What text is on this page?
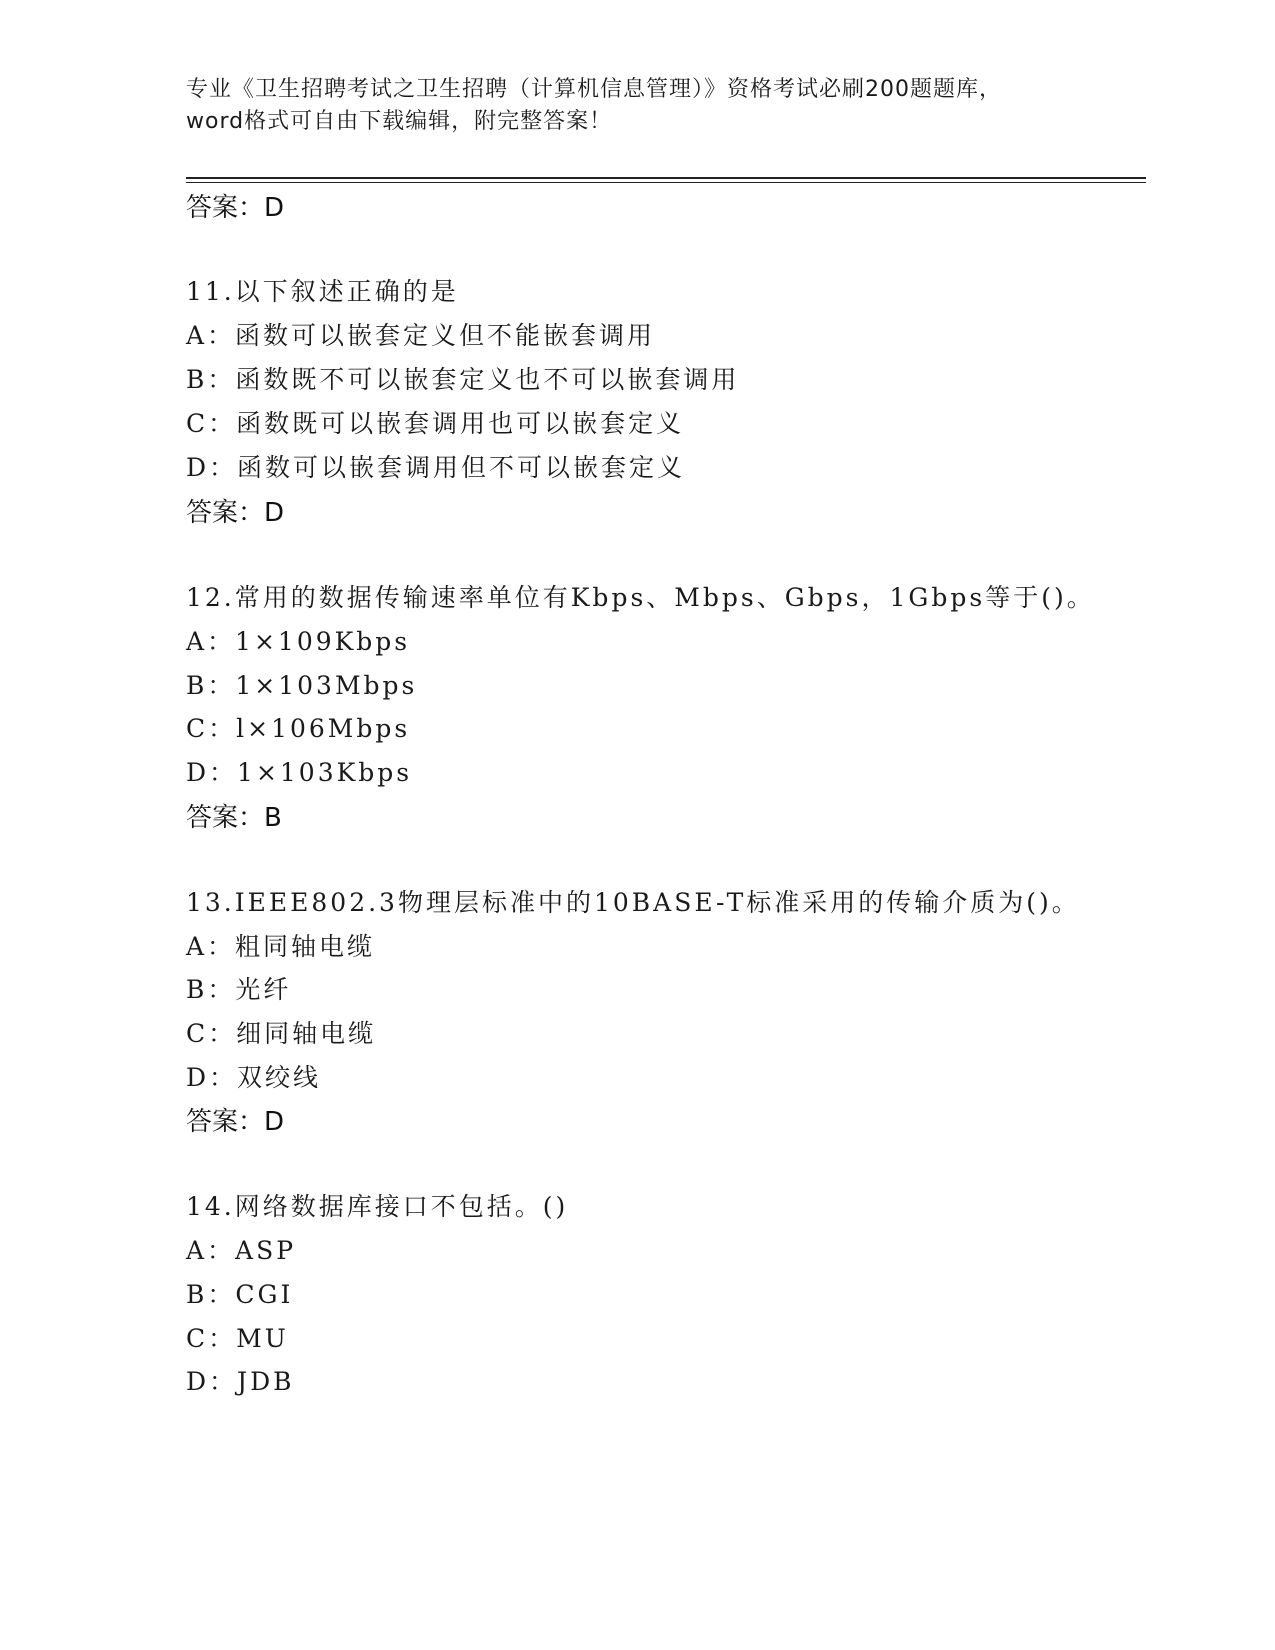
专业《卫生招聘考试之卫生招聘（计算机信息管理）》资格考试必刷200题题库，
word格式可自由下载编辑，附完整答案！
答案：D
11.以下叙述正确的是
A：函数可以嵌套定义但不能嵌套调用
B：函数既不可以嵌套定义也不可以嵌套调用
C：函数既可以嵌套调用也可以嵌套定义
D：函数可以嵌套调用但不可以嵌套定义
答案：D
12.常用的数据传输速率单位有Kbps、Mbps、Gbps，1Gbps等于()。
A：1×109Kbps
B：1×103Mbps
C：l×106Mbps
D：1×103Kbps
答案：B
13.IEEE802.3物理层标准中的10BASE-T标准采用的传输介质为()。
A：粗同轴电缆
B：光纤
C：细同轴电缆
D：双绞线
答案：D
14.网络数据库接口不包括。()
A：ASP
B：CGI
C：MU
D：JDB
